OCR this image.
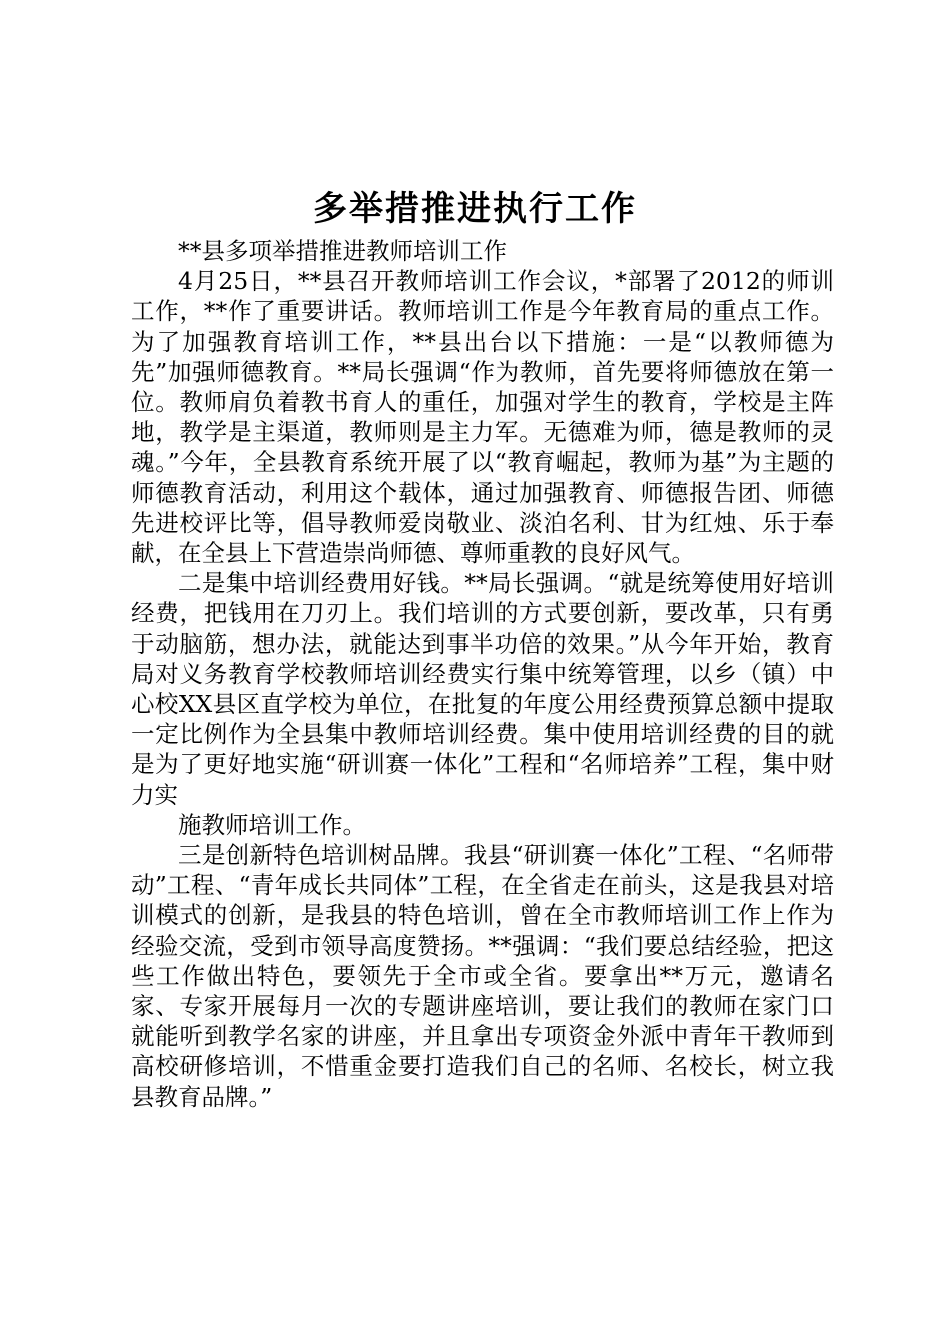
多举措推进执行工作

**县多项举措推进教师培训工作

4月25日，**县召开教师培训工作会议，*部署了2012的师训工作，**作了重要讲话。教师培训工作是今年教育局的重点工作。为了加强教育培训工作，**县出台以下措施：一是“以教师德为先”加强师德教育。**局长强调“作为教师，首先要将师德放在第一位。教师肩负着教书育人的重任，加强对学生的教育，学校是主阵地，教学是主渠道，教师则是主力军。无德难为师，德是教师的灵魂。”今年，全县教育系统开展了以“教育崛起，教师为基”为主题的师德教育活动，利用这个载体，通过加强教育、师德报告团、师德先进校评比等，倡导教师爱岗敬业、淡泊名利、甘为红烛、乐于奉献，在全县上下营造崇尚师德、尊师重教的良好风气。

二是集中培训经费用好钱。**局长强调。“就是统筹使用好培训经费，把钱用在刀刃上。我们培训的方式要创新，要改革，只有勇于动脑筋，想办法，就能达到事半功倍的效果。”从今年开始，教育局对义务教育学校教师培训经费实行集中统筹管理，以乡（镇）中心校XX县区直学校为单位，在批复的年度公用经费预算总额中提取一定比例作为全县集中教师培训经费。集中使用培训经费的目的就是为了更好地实施“研训赛一体化”工程和“名师培养”工程，集中财力实

施教师培训工作。

三是创新特色培训树品牌。我县“研训赛一体化”工程、“名师带动”工程、“青年成长共同体”工程，在全省走在前头，这是我县对培训模式的创新，是我县的特色培训，曾在全市教师培训工作上作为经验交流，受到市领导高度赞扬。**强调：“我们要总结经验，把这些工作做出特色，要领先于全市或全省。要拿出**万元，邀请名家、专家开展每月一次的专题讲座培训，要让我们的教师在家门口就能听到教学名家的讲座，并且拿出专项资金外派中青年干教师到高校研修培训，不惜重金要打造我们自己的名师、名校长，树立我县教育品牌。”
